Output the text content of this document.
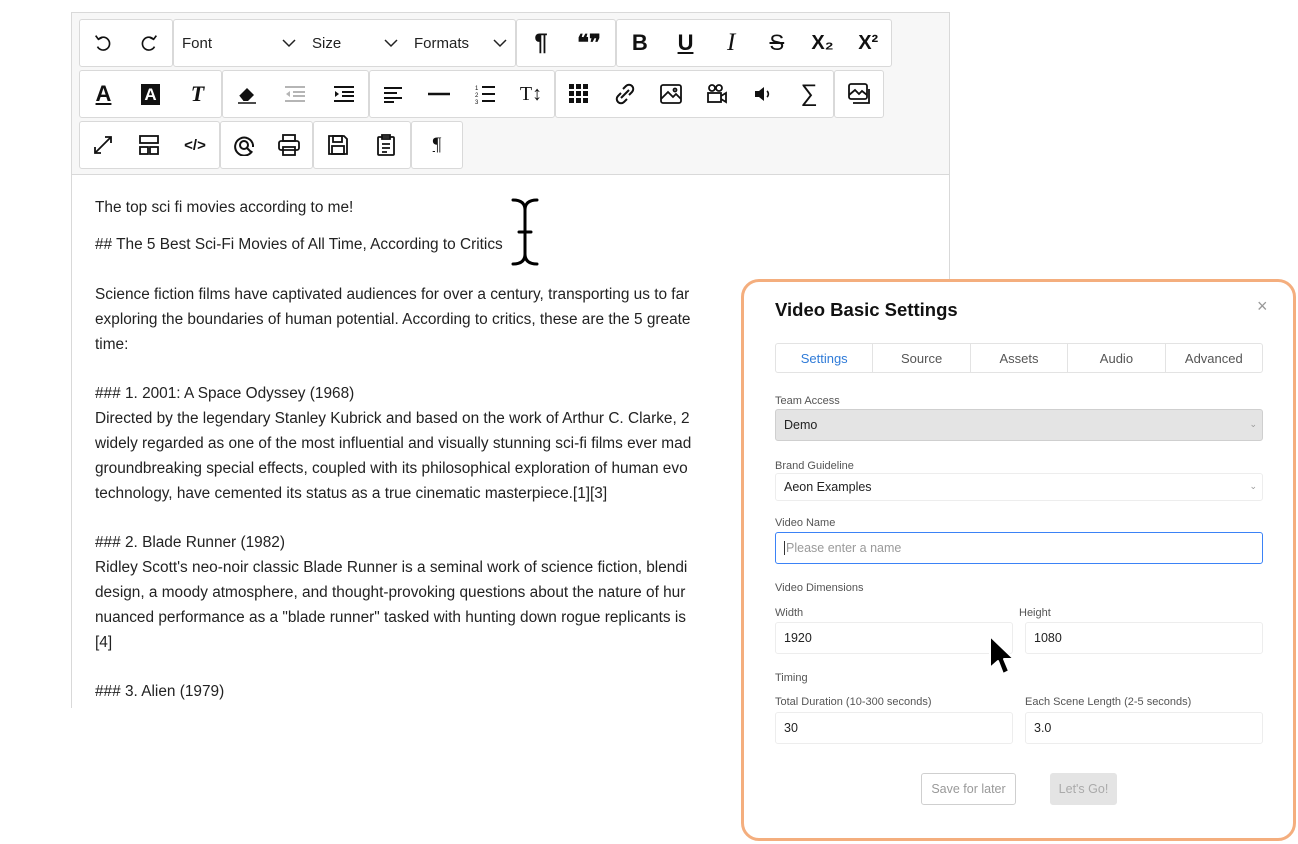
Font	Size	Formats	¶	❝❞	B	U	I	S	X₂	X²
A	A	T	1
2
3	T↕	∑
</>	¶

The top sci fi movies according to me!

## The 5 Best Sci-Fi Movies of All Time, According to Critics

Science fiction films have captivated audiences for over a century, transporting us to far

exploring the boundaries of human potential. According to critics, these are the 5 greate

time:

### 1. 2001: A Space Odyssey (1968)

Directed by the legendary Stanley Kubrick and based on the work of Arthur C. Clarke, 2

widely regarded as one of the most influential and visually stunning sci-fi films ever mad

groundbreaking special effects, coupled with its philosophical exploration of human evo

technology, have cemented its status as a true cinematic masterpiece.[1][3]

### 2. Blade Runner (1982)

Ridley Scott's neo-noir classic Blade Runner is a seminal work of science fiction, blendi

design, a moody atmosphere, and thought-provoking questions about the nature of hur

nuanced performance as a "blade runner" tasked with hunting down rogue replicants is

[4]

### 3. Alien (1979)

Video Basic Settings	×
Settings	Source	Assets	Audio	Advanced
Team Access
Demo	⌄
Brand Guideline
Aeon Examples	⌄
Video Name
Please enter a name
Video Dimensions
Width	Height
1920	1080
Timing
Total Duration (10-300 seconds)	Each Scene Length (2-5 seconds)
30	3.0
Save for later	Let's Go!
